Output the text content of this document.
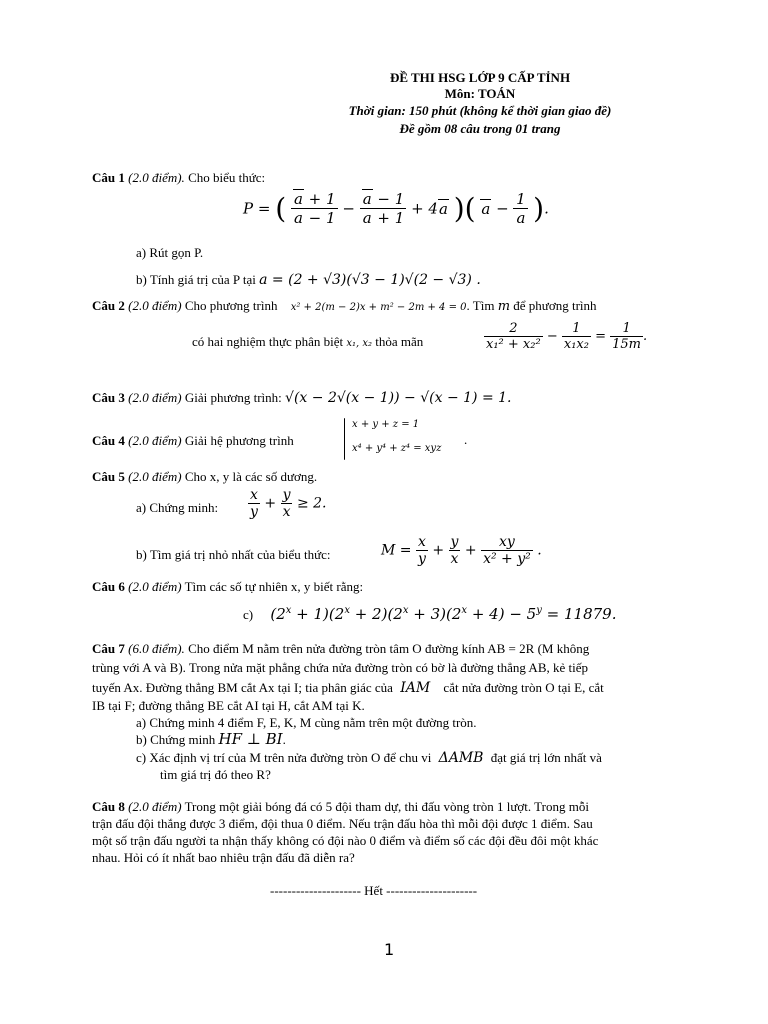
ĐỀ THI HSG LỚP 9 CẤP TỈNH
Môn: TOÁN
Thời gian: 150 phút (không kể thời gian giao đề)
Đề gồm 08 câu trong 01 trang
Câu 1 (2.0 điểm). Cho biểu thức:
P = ( $\frac{a + 1}{a - 1} - \frac{a - 1}{a + 1} + 4a$ )( $a - \frac{1}{a}$ ).
a) Rút gọn P.
b) Tính giá trị của P tại a = (2 + √3)(√3 − 1)√(2 − √3) .
Câu 2 (2.0 điểm) Cho phương trình x² + 2(m − 2)x + m² − 2m + 4 = 0. Tìm m để phương trình
có hai nghiệm thực phân biệt x₁, x₂ thỏa mãn	$\frac{2}{\text{x₁² + x₂²}} - \frac{1}{\text{x₁x₂}} = \frac{1}{15m}$ .
Câu 3 (2.0 điểm) Giải phương trình: √(x − 2√(x − 1)) − √(x − 1) = 1.
Câu 4 (2.0 điểm) Giải hệ phương trình
x + y + z = 1
x⁴ + y⁴ + z⁴ = xyz
.
Câu 5 (2.0 điểm) Cho x, y là các số dương.
a) Chứng minh: $\frac{x}{y} + \frac{y}{x} \ge 2$.
b) Tìm giá trị nhỏ nhất của biểu thức:	$M = \frac{x}{y} + \frac{y}{x} + \frac{xy}{\text{x² + y²}}$ .
Câu 6 (2.0 điểm) Tìm các số tự nhiên x, y biết rằng:
c) $(2^x + 1)(2^x + 2)(2^x + 3)(2^x + 4) - 5^y = 11879$.
Câu 7 (6.0 điểm). Cho điểm M nằm trên nửa đường tròn tâm O đường kính AB = 2R (M không
trùng với A và B). Trong nửa mặt phẳng chứa nửa đường tròn có bờ là đường thẳng AB, kẻ tiếp
tuyến Ax. Đường thẳng BM cắt Ax tại I; tia phân giác của IAM cắt nửa đường tròn O tại E, cắt
IB tại F; đường thẳng BE cắt AI tại H, cắt AM tại K.
a) Chứng minh 4 điểm F, E, K, M cùng nằm trên một đường tròn.
b) Chứng minh HF ⊥ BI.
c) Xác định vị trí của M trên nửa đường tròn O để chu vi ΔAMB đạt giá trị lớn nhất và
tìm giá trị đó theo R?
Câu 8 (2.0 điểm) Trong một giải bóng đá có 5 đội tham dự, thi đấu vòng tròn 1 lượt. Trong mỗi
trận đấu đội thắng được 3 điểm, đội thua 0 điểm. Nếu trận đấu hòa thì mỗi đội được 1 điểm. Sau
một số trận đấu người ta nhận thấy không có đội nào 0 điểm và điểm số các đội đều đôi một khác
nhau. Hỏi có ít nhất bao nhiêu trận đấu đã diễn ra?
--------------------- Hết ---------------------
1
